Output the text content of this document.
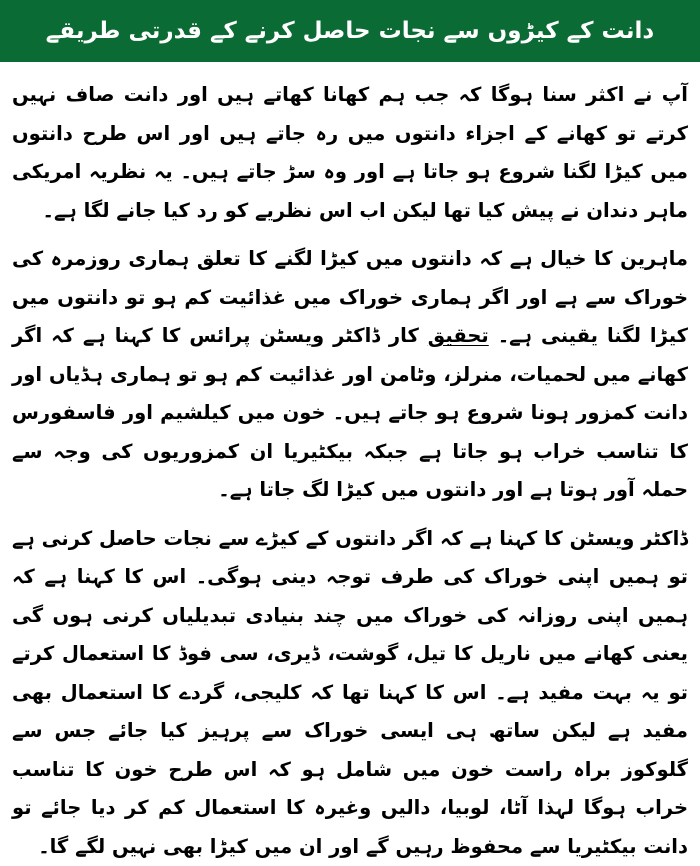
دانت کے کیڑوں سے نجات حاصل کرنے کے قدرتی طریقے

آپ نے اکثر سنا ہوگا کہ جب ہم کھانا کھاتے ہیں اور دانت صاف نہیں کرتے تو کھانے کے اجزاء دانتوں میں رہ جاتے ہیں اور اس طرح دانتوں میں کیڑا لگنا شروع ہو جاتا ہے اور وہ سڑ جاتے ہیں۔ یہ نظریہ امریکی ماہر دندان نے پیش کیا تھا لیکن اب اس نظریے کو رد کیا جانے لگا ہے۔

ماہرین کا خیال ہے کہ دانتوں میں کیڑا لگنے کا تعلق ہماری روزمرہ کی خوراک سے ہے اور اگر ہماری خوراک میں غذائیت کم ہو تو دانتوں میں کیڑا لگنا یقینی ہے۔ تحقیق کار ڈاکٹر ویسٹن پرائس کا کہنا ہے کہ اگر کھانے میں لحمیات، منرلز، وٹامن اور غذائیت کم ہو تو ہماری ہڈیاں اور دانت کمزور ہونا شروع ہو جاتے ہیں۔ خون میں کیلشیم اور فاسفورس کا تناسب خراب ہو جاتا ہے جبکہ بیکٹیریا ان کمزوریوں کی وجہ سے حملہ آور ہوتا ہے اور دانتوں میں کیڑا لگ جاتا ہے۔

ڈاکٹر ویسٹن کا کہنا ہے کہ اگر دانتوں کے کیڑے سے نجات حاصل کرنی ہے تو ہمیں اپنی خوراک کی طرف توجہ دینی ہوگی۔ اس کا کہنا ہے کہ ہمیں اپنی روزانہ کی خوراک میں چند بنیادی تبدیلیاں کرنی ہوں گی یعنی کھانے میں ناریل کا تیل، گوشت، ڈیری، سی فوڈ کا استعمال کرتے تو یہ بہت مفید ہے۔ اس کا کہنا تھا کہ کلیجی، گردے کا استعمال بھی مفید ہے لیکن ساتھ ہی ایسی خوراک سے پرہیز کیا جائے جس سے گلوکوز براہ راست خون میں شامل ہو کہ اس طرح خون کا تناسب خراب ہوگا لہذا آٹا، لوبیا، دالیں وغیرہ کا استعمال کم کر دیا جائے تو دانت بیکٹیریا سے محفوظ رہیں گے اور ان میں کیڑا بھی نہیں لگے گا۔
